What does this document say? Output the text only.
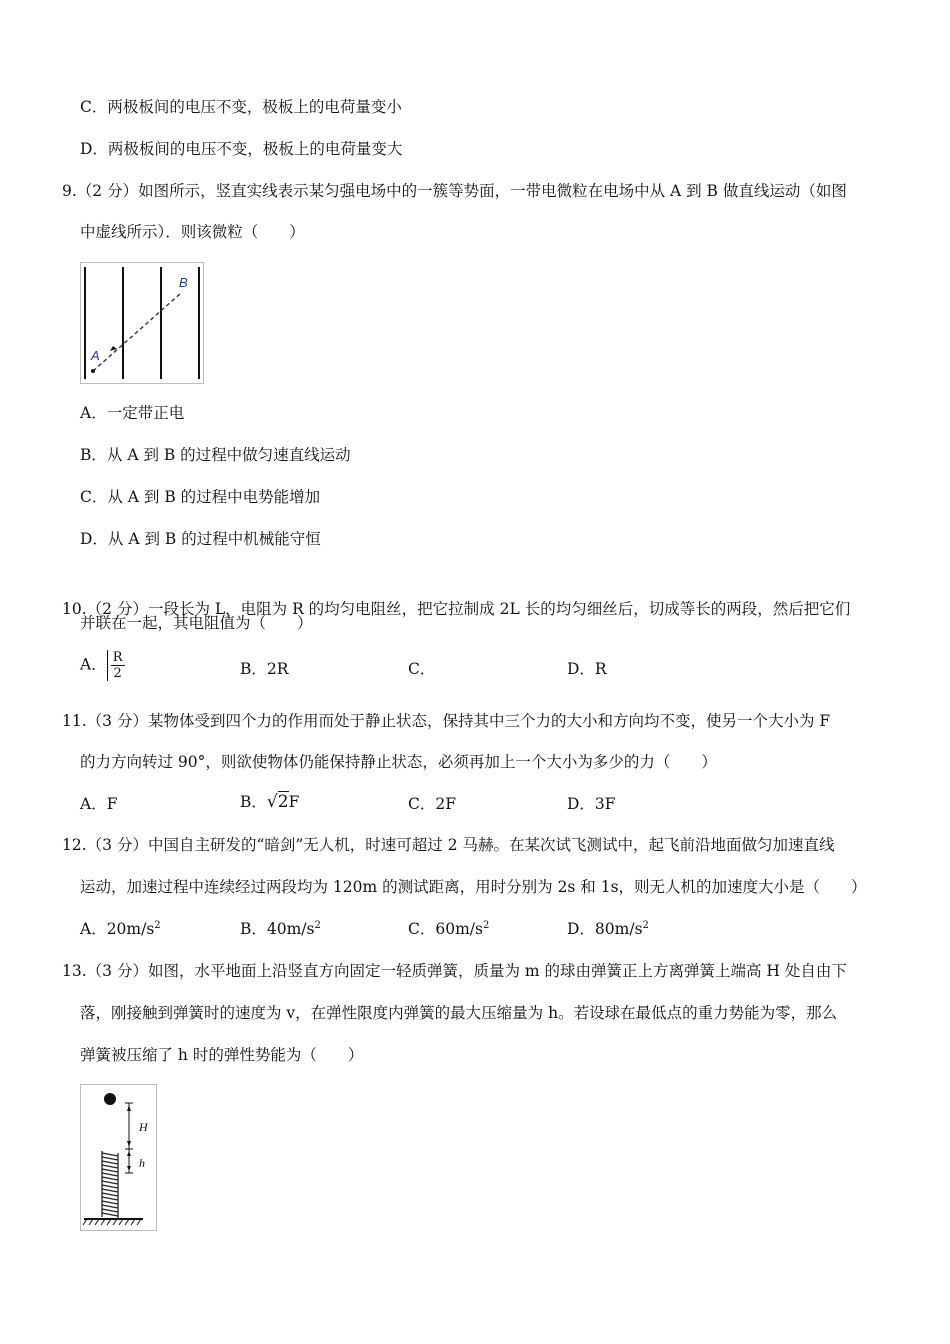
C．两极板间的电压不变，极板上的电荷量变小
D．两极板间的电压不变，极板上的电荷量变大
9.（2 分）如图所示，竖直实线表示某匀强电场中的一簇等势面，一带电微粒在电场中从 A 到 B 做直线运动（如图
中虚线所示）．则该微粒（　　）
A
B
A．一定带正电
B．从 A 到 B 的过程中做匀速直线运动
C．从 A 到 B 的过程中电势能增加
D．从 A 到 B 的过程中机械能守恒
10.（2 分）一段长为 L，电阻为 R 的均匀电阻丝，把它拉制成 2L 长的均匀细丝后，切成等长的两段，然后把它们
并联在一起，其电阻值为（　　）
A． $\frac{R}{2}$	B．2R	C．	D．R
11.（3 分）某物体受到四个力的作用而处于静止状态，保持其中三个力的大小和方向均不变，使另一个大小为 F
的力方向转过 90°，则欲使物体仍能保持静止状态，必须再加上一个大小为多少的力（　　）
A．F	B．√2F	C．2F	D．3F
12.（3 分）中国自主研发的“暗剑”无人机，时速可超过 2 马赫。在某次试飞测试中，起飞前沿地面做匀加速直线
运动，加速过程中连续经过两段均为 120m 的测试距离，用时分别为 2s 和 1s，则无人机的加速度大小是（　　）
A．$20m/s^2$	B．$40m/s^2$	C．$60m/s^2$	D．$80m/s^2$
13.（3 分）如图，水平地面上沿竖直方向固定一轻质弹簧，质量为 m 的球由弹簧正上方离弹簧上端高 H 处自由下
落，刚接触到弹簧时的速度为 v，在弹性限度内弹簧的最大压缩量为 h。若设球在最低点的重力势能为零，那么
弹簧被压缩了 h 时的弹性势能为（　　）
H
h
